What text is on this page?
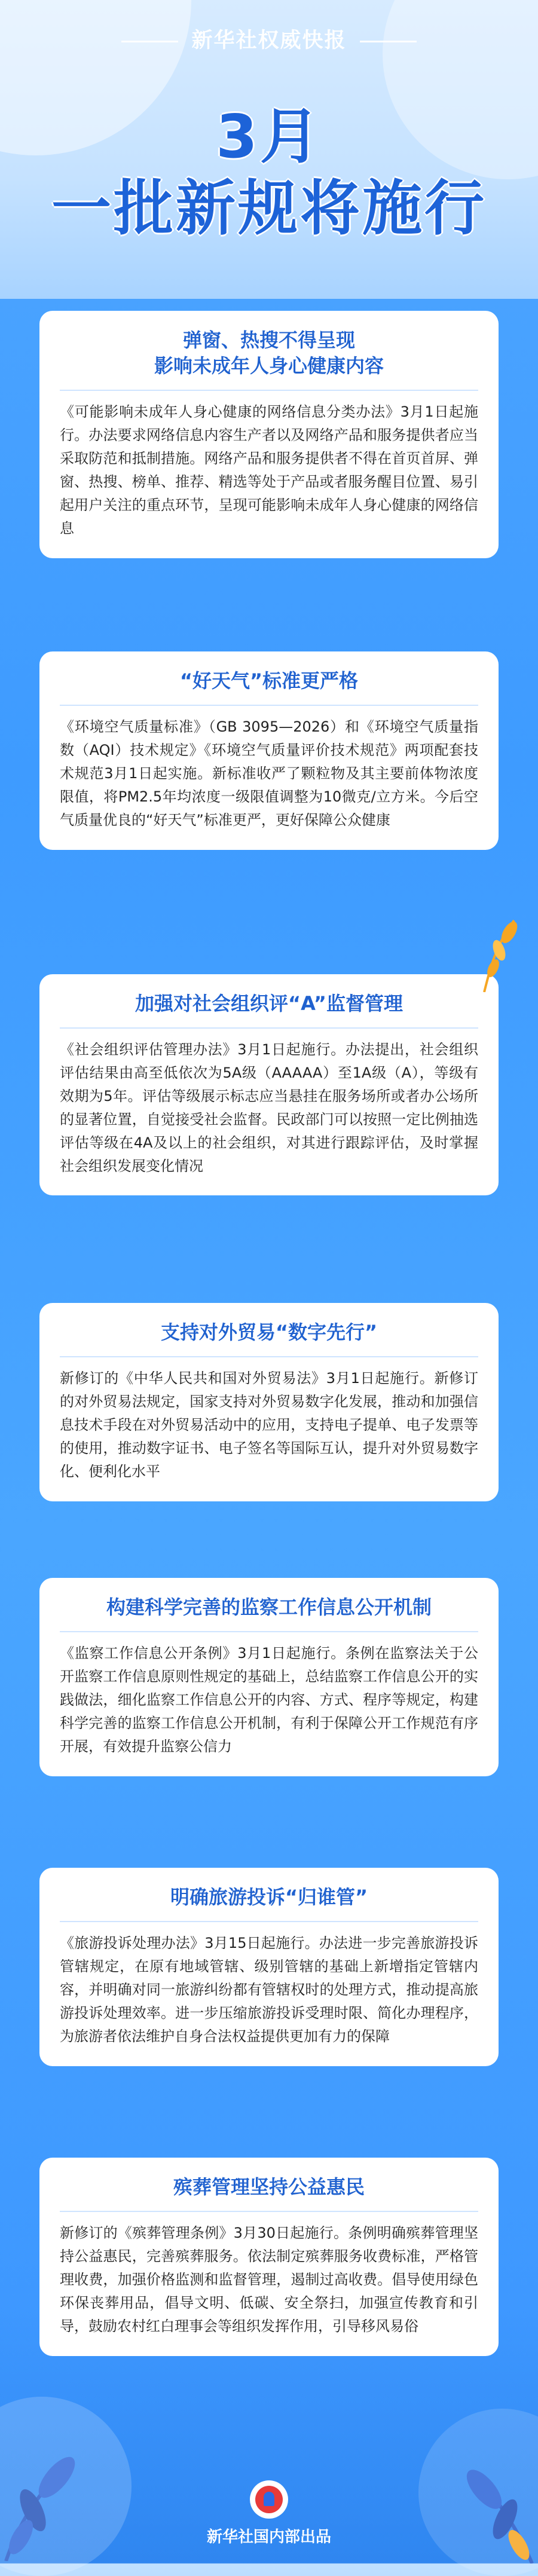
新华社权威快报
3月
一批新规将施行
弹窗、热搜不得呈现
影响未成年人身心健康内容

《可能影响未成年人身心健康的网络信息分类办法》3月1日起施行。办法要求网络信息内容生产者以及网络产品和服务提供者应当采取防范和抵制措施。网络产品和服务提供者不得在首页首屏、弹窗、热搜、榜单、推荐、精选等处于产品或者服务醒目位置、易引起用户关注的重点环节，呈现可能影响未成年人身心健康的网络信息

“好天气”标准更严格

《环境空气质量标准》（GB 3095—2026）和《环境空气质量指数（AQI）技术规定》《环境空气质量评价技术规范》两项配套技术规范3月1日起实施。新标准收严了颗粒物及其主要前体物浓度限值，将PM2.5年均浓度一级限值调整为10微克/立方米。今后空气质量优良的“好天气”标准更严，更好保障公众健康

加强对社会组织评“A”监督管理

《社会组织评估管理办法》3月1日起施行。办法提出，社会组织评估结果由高至低依次为5A级（AAAAA）至1A级（A），等级有效期为5年。评估等级展示标志应当悬挂在服务场所或者办公场所的显著位置，自觉接受社会监督。民政部门可以按照一定比例抽选评估等级在4A及以上的社会组织，对其进行跟踪评估，及时掌握社会组织发展变化情况

支持对外贸易“数字先行”

新修订的《中华人民共和国对外贸易法》3月1日起施行。新修订的对外贸易法规定，国家支持对外贸易数字化发展，推动和加强信息技术手段在对外贸易活动中的应用，支持电子提单、电子发票等的使用，推动数字证书、电子签名等国际互认，提升对外贸易数字化、便利化水平

构建科学完善的监察工作信息公开机制

《监察工作信息公开条例》3月1日起施行。条例在监察法关于公开监察工作信息原则性规定的基础上，总结监察工作信息公开的实践做法，细化监察工作信息公开的内容、方式、程序等规定，构建科学完善的监察工作信息公开机制，有利于保障公开工作规范有序开展，有效提升监察公信力

明确旅游投诉“归谁管”

《旅游投诉处理办法》3月15日起施行。办法进一步完善旅游投诉管辖规定，在原有地域管辖、级别管辖的基础上新增指定管辖内容，并明确对同一旅游纠纷都有管辖权时的处理方式，推动提高旅游投诉处理效率。进一步压缩旅游投诉受理时限、简化办理程序，为旅游者依法维护自身合法权益提供更加有力的保障

殡葬管理坚持公益惠民

新修订的《殡葬管理条例》3月30日起施行。条例明确殡葬管理坚持公益惠民，完善殡葬服务。依法制定殡葬服务收费标准，严格管理收费，加强价格监测和监督管理，遏制过高收费。倡导使用绿色环保丧葬用品，倡导文明、低碳、安全祭扫，加强宣传教育和引导，鼓励农村红白理事会等组织发挥作用，引导移风易俗

新华社国内部出品
